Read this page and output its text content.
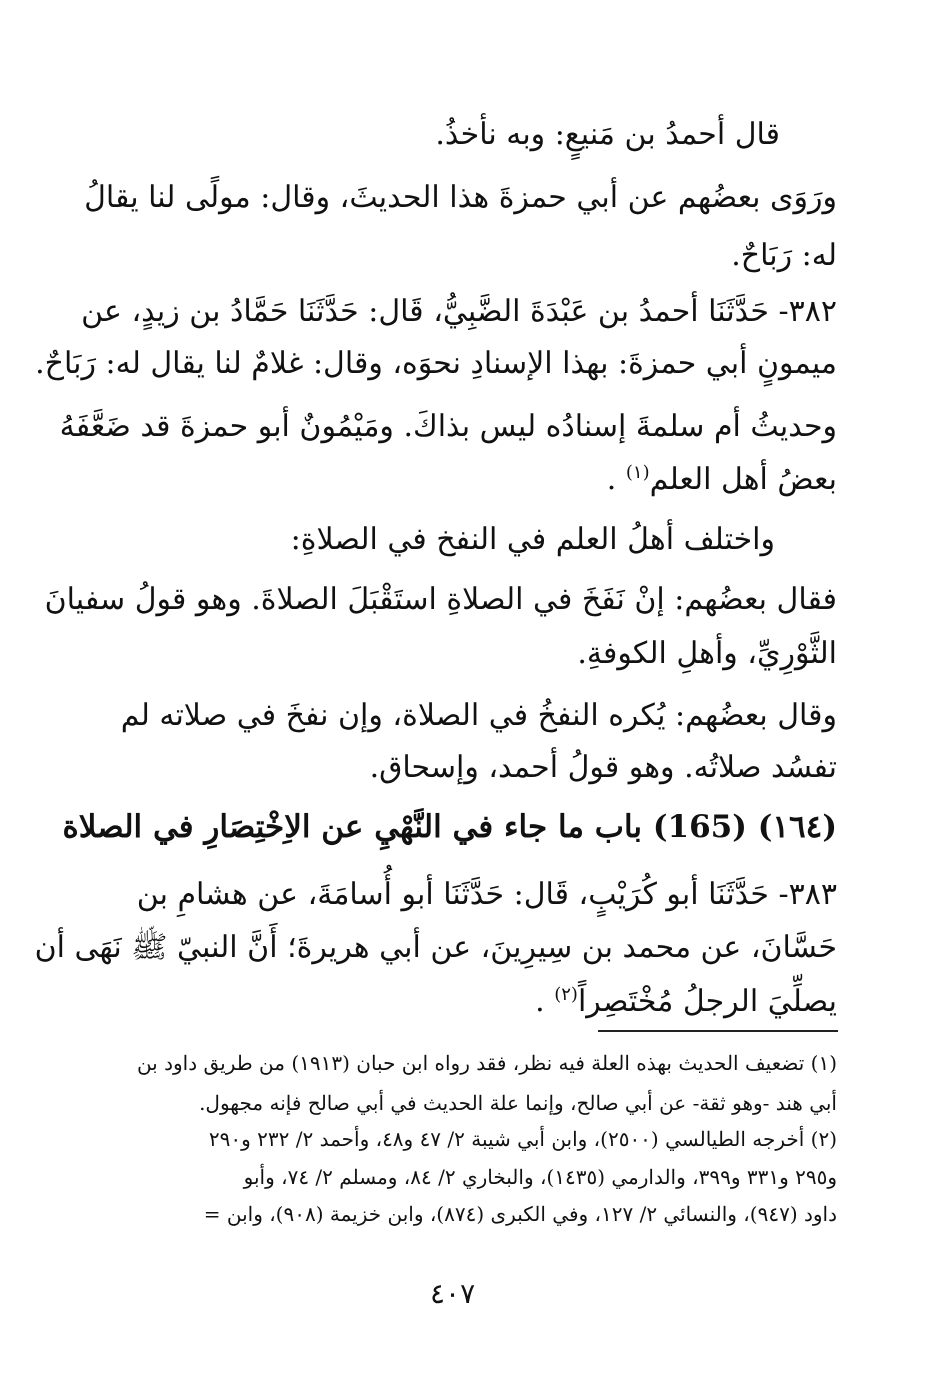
قال أحمدُ بن مَنيعٍ: وبه نأخذُ.
ورَوَى بعضُهم عن أبي حمزةَ هذا الحديثَ، وقال: مولًى لنا يقالُ
له: رَبَاحٌ.
٣٨٢- حَدَّثَنَا أحمدُ بن عَبْدَةَ الضَّبِيُّ، قَال: حَدَّثَنَا حَمَّادُ بن زيدٍ، عن
ميمونٍ أبي حمزةَ: بهذا الإسنادِ نحوَه، وقال: غلامٌ لنا يقال له: رَبَاحٌ.
وحديثُ أم سلمةَ إسنادُه ليس بذاكَ. ومَيْمُونٌ أبو حمزةَ قد ضَعَّفَهُ
بعضُ أهل العلم$^{(١)}$ .
واختلف أهلُ العلم في النفخ في الصلاةِ:
فقال بعضُهم: إنْ نَفَخَ في الصلاةِ استَقْبَلَ الصلاةَ. وهو قولُ سفيانَ
الثَّوْرِيِّ، وأهلِ الكوفةِ.
وقال بعضُهم: يُكره النفخُ في الصلاة، وإن نفخَ في صلاته لم
تفسُد صلاتُه. وهو قولُ أحمد، وإسحاق.
(١٦٤) (165) باب ما جاء في النَّهْيِ عن الاِخْتِصَارِ في الصلاة
٣٨٣- حَدَّثَنَا أبو كُرَيْبٍ، قَال: حَدَّثَنَا أبو أُسامَةَ، عن هشامِ بن
حَسَّانَ، عن محمد بن سِيرِينَ، عن أبي هريرةَ؛ أَنَّ النبيّ ﷺ نَهَى أن
يصلِّيَ الرجلُ مُخْتَصِراً$^{(٢)}$ .
(١) تضعيف الحديث بهذه العلة فيه نظر، فقد رواه ابن حبان (١٩١٣) من طريق داود بن
أبي هند -وهو ثقة- عن أبي صالح، وإنما علة الحديث في أبي صالح فإنه مجهول.
(٢) أخرجه الطيالسي (٢٥٠٠)، وابن أبي شيبة ٢/ ٤٧ و٤٨، وأحمد ٢/ ٢٣٢ و٢٩٠
و٢٩٥ و٣٣١ و٣٩٩، والدارمي (١٤٣٥)، والبخاري ٢/ ٨٤، ومسلم ٢/ ٧٤، وأبو
داود (٩٤٧)، والنسائي ٢/ ١٢٧، وفي الكبرى (٨٧٤)، وابن خزيمة (٩٠٨)، وابن =
٤٠٧
